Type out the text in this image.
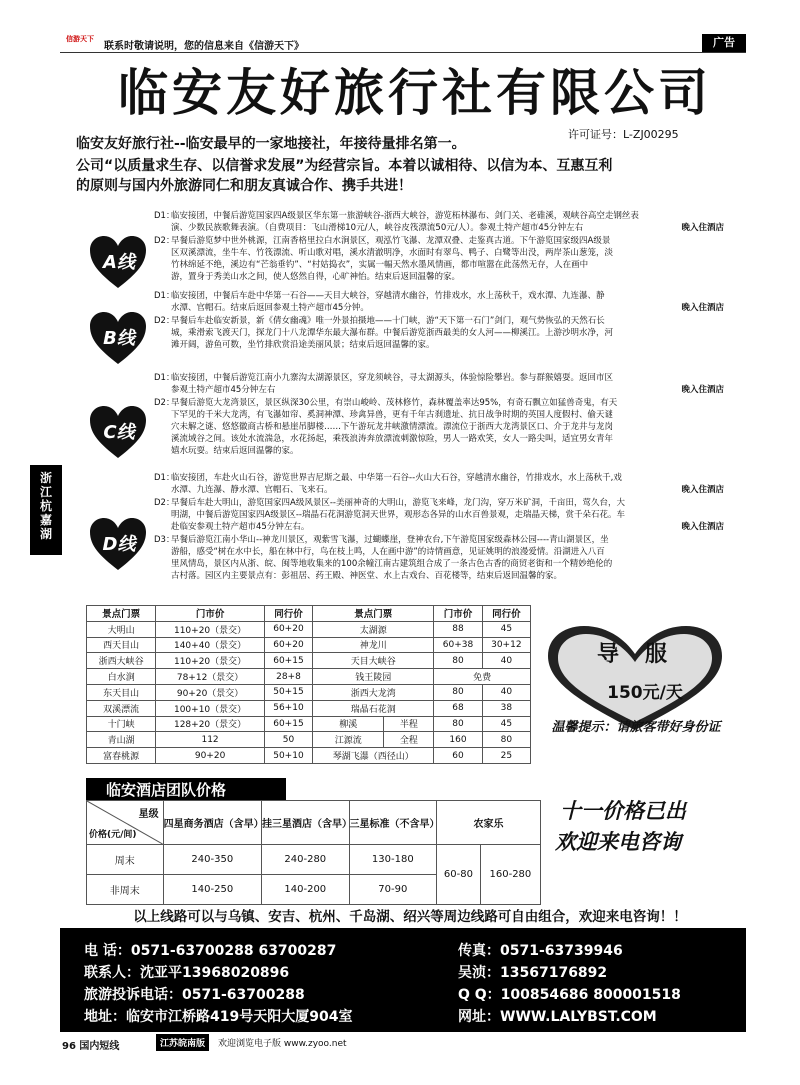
信游天下
联系时敬请说明，您的信息来自《信游天下》	广告
临安友好旅行社有限公司
许可证号：L-ZJ00295
临安友好旅行社--临安最早的一家地接社，年接待量排名第一。
公司“以质量求生存、以信誉求发展”为经营宗旨。本着以诚相待、以信为本、互惠互利
的原则与国内外旅游同仁和朋友真诚合作、携手共进！
浙
江
杭
嘉
湖
A线
D1：临安接团，中餐后游览国家四A级景区华东第一旅游峡谷-浙西大峡谷，游览柘林瀑布、剑门关、老碓溪，观峡谷高空走钢丝表
演、少数民族歌舞表演。（自费项目：飞山滑梯10元/人，峡谷皮筏漂流50元/人）。参观土特产超市45分钟左右	晚入住酒店
D2：早餐后游览梦中世外桃源，江南香格里拉白水涧景区，观泓竹飞瀑、龙潭双叠、走鉴真古道。下午游览国家级四A级景
区双溪漂流，坐牛车、竹筏漂流、听山歌对唱，溪水清澈明净，水面时有翠鸟、鸭子、白鹭等出没，两岸茶山葱笼，淡
竹林绵延不绝，溪边有“芒翁垂钓”、“村姑捣衣”，实属一幅天然水墨风情画，都市喧嚣在此荡然无存，人在画中
游，置身于秀美山水之间，使人悠然自得，心旷神怡。结束后返回温馨的家。
B线
D1：临安接团，中餐后车赴中华第一石谷——天目大峡谷，穿越清水幽谷，竹排戏水，水上荡秋千，戏水潭、九连瀑、静
水潭、官帽石。结束后返回参观土特产超市45分钟。	晚入住酒店
D2：早餐后车赴临安新景，新《倩女幽魂》唯一外景拍摄地——十门峡，游“天下第一石门”剑门，观气势恢弘的天然石长
城，乘滑索飞渡天门，探龙门十八龙潭华东最大瀑布群。中餐后游览浙西最美的女人河——柳溪江。上游沙明水净，河
滩开阔，游鱼可数，坐竹排欣赏沿途美丽风景；结束后返回温馨的家。
C线
D1：临安接团，中餐后游览江南小九寨沟太湖源景区，穿龙须峡谷，寻太湖源头，体验惊险攀岩。参与群猴嬉耍。返回市区
参观土特产超市45分钟左右	晚入住酒店
D2：早餐后游览大龙湾景区，景区纵深30公里，有崇山峻岭、茂林修竹，森林覆盖率达95%，有奇石飘立如猛兽奇鬼，有天
下罕见的千米大龙湾，有飞瀑如帘、奚洞神潭、珍禽异兽，更有千年古刹遗址、抗日战争时期的英国人度假村、偷天谜
穴未解之谜、悠悠徽商古桥和悬崖吊脚楼……下午游玩龙井峡激情漂流。漂流位于浙西大龙湾景区口、介于龙井与龙岗
溪流域谷之间。该处水流湍急，水花扬起，乘筏浪涛奔放漂流刺激惊险，男人一路欢笑，女人一路尖叫，适宜男女青年
嬉水玩耍。结束后返回温馨的家。
D线
D1：临安接团，车赴火山石谷，游览世界吉尼斯之最、中华第一石谷--火山大石谷，穿越清水幽谷，竹排戏水，水上荡秋千,戏
水潭、九连瀑、静水潭、官帽石、飞来石。	晚入住酒店
D2：早餐后车赴大明山，游览国家四A级风景区--美丽神奇的大明山，游览飞来峰，龙门沟，穿万米矿洞，千亩田，莺久台，大
明湖，中餐后游览国家四A级景区--瑞晶石花洞游览洞天世界，观形态各异的山水百兽景观，走瑞晶天梯，赏千朵石花。车
赴临安参观土特产超市45分钟左右。	晚入住酒店
D3：早餐后游览江南小华山--神龙川景区，观紫雪飞瀑，过蝴蝶崖，登神农台,下午游览国家级森林公园----青山湖景区，坐
游船，感受“树在水中长，船在林中行，鸟在枝上鸣，人在画中游”的诗情画意，见证姚明的浪漫爱情。沿湖进入八百
里风情岛，景区内从浙、皖、闽等地收集来的100余幢江南古建筑组合成了一条古色古香的商贸老街和一个精妙绝伦的
古村落。园区内主要景点有：彭祖居、药王殿、神医堂、水上古戏台、百花楼等，结束后返回温馨的家。
景点门票	门市价	同行价	景点门票		门市价	同行价
大明山	110+20（景交）	60+20	太湖源		88	45
西天目山	140+40（景交）	60+20	神龙川		60+38	30+12
浙西大峡谷	110+20（景交）	60+15	天目大峡谷		80	40
白水涧	78+12（景交）	28+8	钱王陵园		免费	
东天目山	90+20（景交）	50+15	浙西大龙湾		80	40
双溪漂流	100+10（景交）	56+10	瑞晶石花洞		68	38
十门峡	128+20（景交）	60+15	柳溪	半程	80	45
青山湖	112	50	江源流	全程	160	80
富春桃源	90+20	50+10	琴湖飞瀑（西径山）		60	25
导服
150元/天
温馨提示：请旅客带好身份证
临安酒店团队价格
星级
价格(元/间)	四星商务酒店（含早）	挂三星酒店（含早）	三星标准（不含早）	农家乐	

周末	240-350	240-280	130-180	60-80	160-280
非周末	140-250	140-200	70-90		
十一价格已出
欢迎来电咨询
以上线路可以与乌镇、安吉、杭州、千岛湖、绍兴等周边线路可自由组合，欢迎来电咨询！！
电 话：0571-63700288 63700287
联系人：沈亚平13968020896
旅游投诉电话：0571-63700288
地址：临安市江桥路419号天阳大厦904室
传真：0571-63739946
吴浈：13567176892
Q Q：100854686 800001518
网址：WWW.LALYBST.COM
96 国内短线	江苏皖南版	欢迎浏览电子版 www.zyoo.net
